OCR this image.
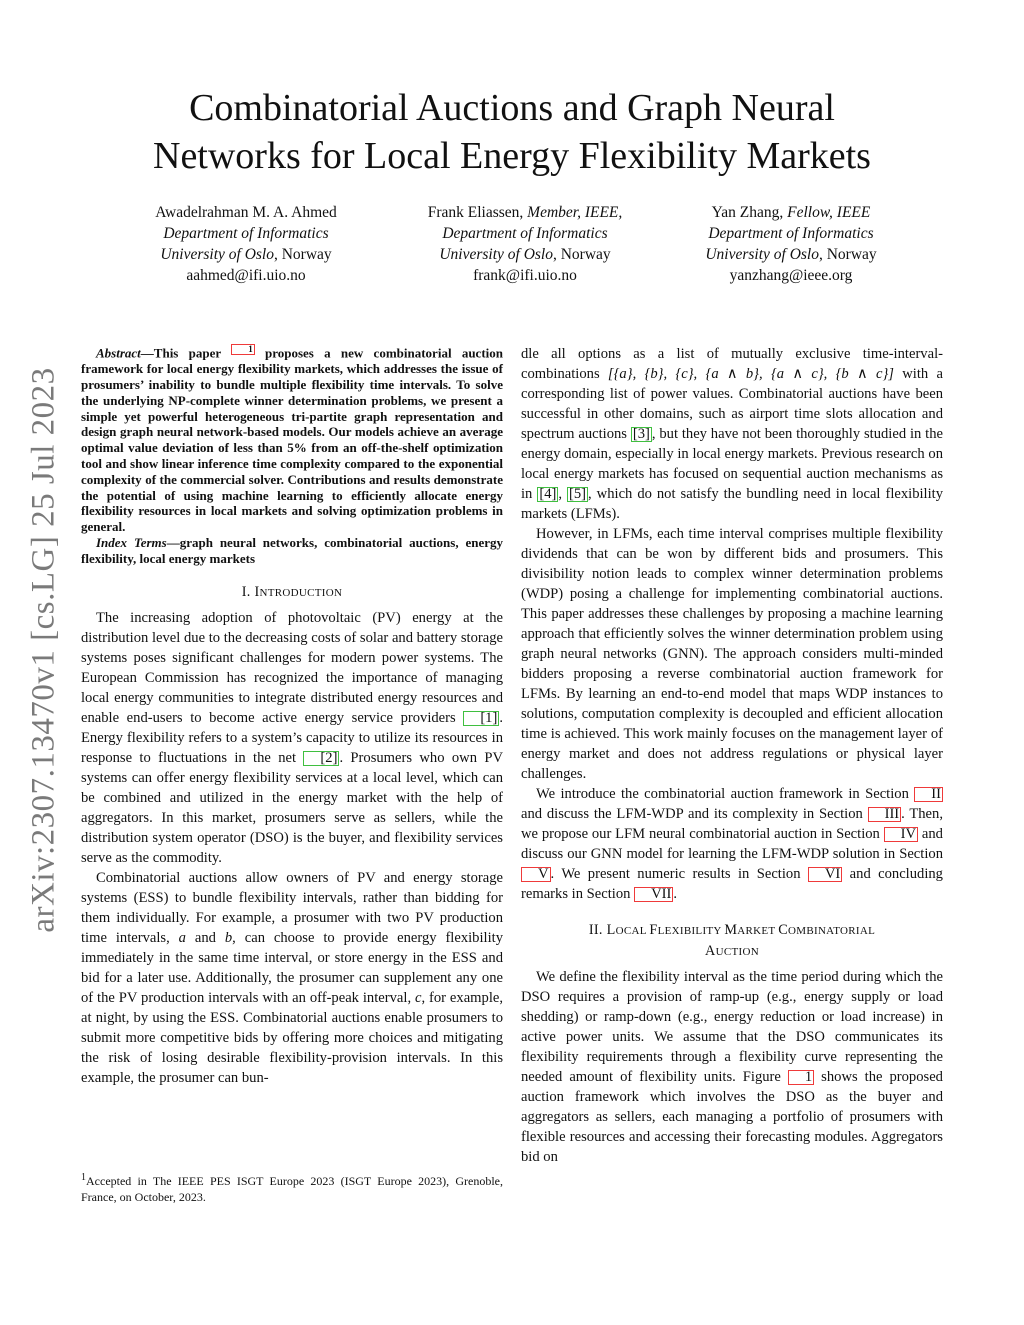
arXiv:2307.13470v1 [cs.LG] 25 Jul 2023
Combinatorial Auctions and Graph Neural
Networks for Local Energy Flexibility Markets
Awadelrahman M. A. Ahmed
Department of Informatics
University of Oslo, Norway
aahmed@ifi.uio.no
Frank Eliassen, Member, IEEE,
Department of Informatics
University of Oslo, Norway
frank@ifi.uio.no
Yan Zhang, Fellow, IEEE
Department of Informatics
University of Oslo, Norway
yanzhang@ieee.org

Abstract—This paper 1 proposes a new combinatorial auction framework for local energy flexibility markets, which addresses the issue of prosumers’ inability to bundle multiple flexibility time intervals. To solve the underlying NP-complete winner determination problems, we present a simple yet powerful heterogeneous tri-partite graph representation and design graph neural network-based models. Our models achieve an average optimal value deviation of less than 5% from an off-the-shelf optimization tool and show linear inference time complexity compared to the exponential complexity of the commercial solver. Contributions and results demonstrate the potential of using machine learning to efficiently allocate energy flexibility resources in local markets and solving optimization problems in general.

Index Terms—graph neural networks, combinatorial auctions, energy flexibility, local energy markets

I. INTRODUCTION

The increasing adoption of photovoltaic (PV) energy at the distribution level due to the decreasing costs of solar and battery storage systems poses significant challenges for modern power systems. The European Commission has recognized the importance of managing local energy communities to integrate distributed energy resources and enable end-users to become active energy service providers [1] . Energy flexibility refers to a system’s capacity to utilize its resources in response to fluctuations in the net [2] . Prosumers who own PV systems can offer energy flexibility services at a local level, which can be combined and utilized in the energy market with the help of aggregators. In this market, prosumers serve as sellers, while the distribution system operator (DSO) is the buyer, and flexibility services serve as the commodity.

Combinatorial auctions allow owners of PV and energy storage systems (ESS) to bundle flexibility intervals, rather than bidding for them individually. For example, a prosumer with two PV production time intervals, a and b, can choose to provide energy flexibility immediately in the same time interval, or store energy in the ESS and bid for a later use. Additionally, the prosumer can supplement any one of the PV production intervals with an off-peak interval, c, for example, at night, by using the ESS. Combinatorial auctions enable prosumers to submit more competitive bids by offering more choices and mitigating the risk of losing desirable flexibility-provision intervals. In this example, the prosumer can bun-

$^1$Accepted in The IEEE PES ISGT Europe 2023 (ISGT Europe 2023), Grenoble, France, on October, 2023.

dle all options as a list of mutually exclusive time-interval-combinations [{a}, {b}, {c}, {a ∧ b}, {a ∧ c}, {b ∧ c}] with a corresponding list of power values. Combinatorial auctions have been successful in other domains, such as airport time slots allocation and spectrum auctions [3] , but they have not been thoroughly studied in the energy domain, especially in local energy markets. Previous research on local energy markets has focused on sequential auction mechanisms as in [4] , [5] , which do not satisfy the bundling need in local flexibility markets (LFMs).

However, in LFMs, each time interval comprises multiple flexibility dividends that can be won by different bids and prosumers. This divisibility notion leads to complex winner determination problems (WDP) posing a challenge for implementing combinatorial auctions. This paper addresses these challenges by proposing a machine learning approach that efficiently solves the winner determination problem using graph neural networks (GNN). The approach considers multi-minded bidders proposing a reverse combinatorial auction framework for LFMs. By learning an end-to-end model that maps WDP instances to solutions, computation complexity is decoupled and efficient allocation time is achieved. This work mainly focuses on the management layer of energy market and does not address regulations or physical layer challenges.

We introduce the combinatorial auction framework in Section II and discuss the LFM-WDP and its complexity in Section III . Then, we propose our LFM neural combinatorial auction in Section IV and discuss our GNN model for learning the LFM-WDP solution in Section V . We present numeric results in Section VI and concluding remarks in Section VII .

II. LOCAL FLEXIBILITY MARKET COMBINATORIAL
AUCTION

We define the flexibility interval as the time period during which the DSO requires a provision of ramp-up (e.g., energy supply or load shedding) or ramp-down (e.g., energy reduction or load increase) in active power units. We assume that the DSO communicates its flexibility requirements through a flexibility curve representing the needed amount of flexibility units. Figure 1 shows the proposed auction framework which involves the DSO as the buyer and aggregators as sellers, each managing a portfolio of prosumers with flexible resources and accessing their forecasting modules. Aggregators bid on
